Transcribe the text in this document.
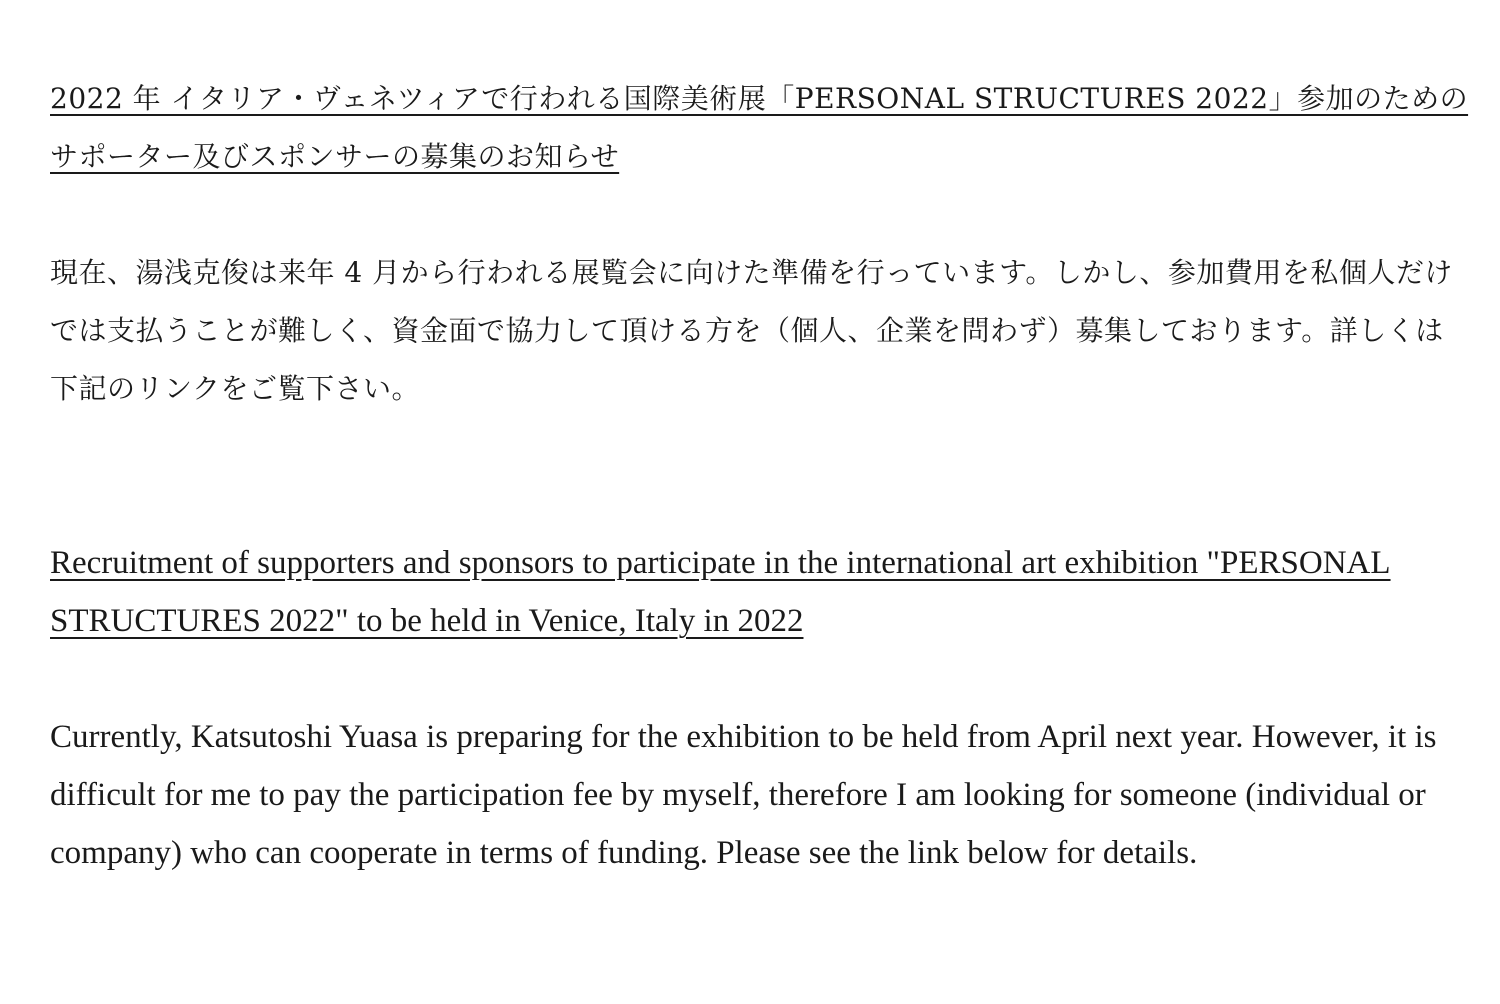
2022 年 イタリア・ヴェネツィアで行われる国際美術展「PERSONAL STRUCTURES 2022」参加のためのサポーター及びスポンサーの募集のお知らせ

現在、湯浅克俊は来年 4 月から行われる展覧会に向けた準備を行っています。しかし、参加費用を私個人だけでは支払うことが難しく、資金面で協力して頂ける方を（個人、企業を問わず）募集しております。詳しくは下記のリンクをご覧下さい。

Recruitment of supporters and sponsors to participate in the international art exhibition "PERSONAL STRUCTURES 2022" to be held in Venice, Italy in 2022

Currently, Katsutoshi Yuasa is preparing for the exhibition to be held from April next year. However, it is difficult for me to pay the participation fee by myself, therefore I am looking for someone (individual or company) who can cooperate in terms of funding. Please see the link below for details.
